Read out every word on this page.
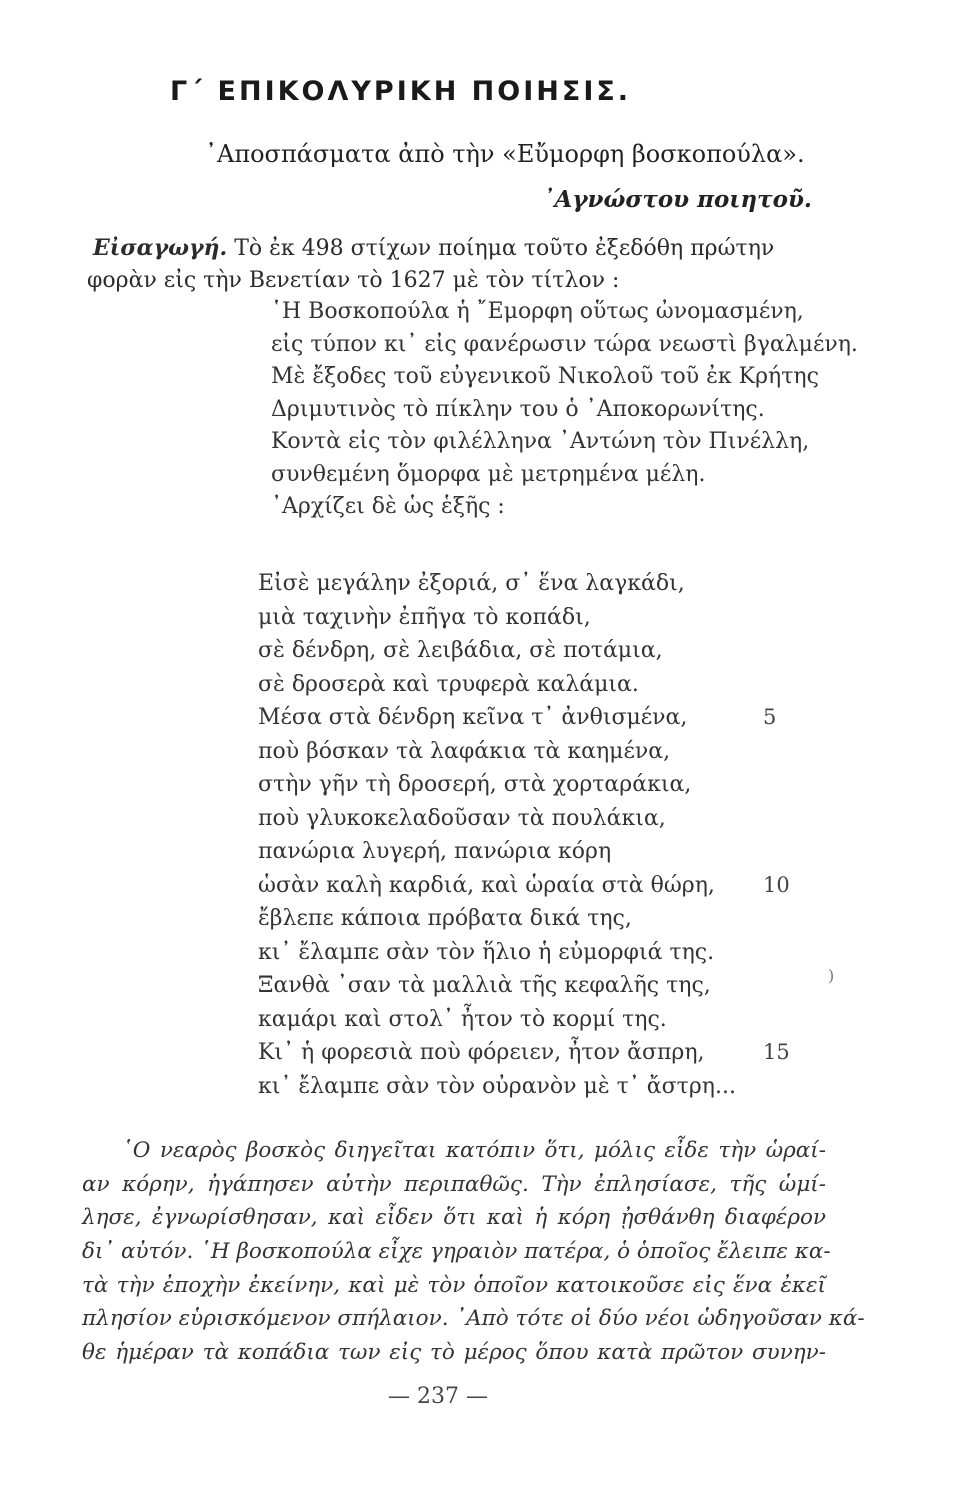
Γ΄ ΕΠΙΚΟΛΥΡΙΚΗ ΠΟΙΗΣΙΣ.
᾿Αποσπάσματα ἀπὸ τὴν «Εὔμορφη βοσκοπούλα».
᾿Αγνώστου ποιητοῦ.
Εἰσαγωγή. Τὸ ἐκ 498 στίχων ποίημα τοῦτο ἐξεδόθη πρώτην
φορὰν εἰς τὴν Βενετίαν τὸ 1627 μὲ τὸν τίτλον :
῾Η Βοσκοπούλα ἡ ῎Εμορφη οὕτως ὠνομασμένη,
εἰς τύπον κι᾿ εἰς φανέρωσιν τώρα νεωστὶ βγαλμένη.
Μὲ ἔξοδες τοῦ εὐγενικοῦ Νικολοῦ τοῦ ἐκ Κρήτης
Δριμυτινὸς τὸ πίκλην του ὁ ᾿Αποκορωνίτης.
Κοντὰ εἰς τὸν φιλέλληνα ᾿Αντώνη τὸν Πινέλλη,
συνθεμένη ὅμορφα μὲ μετρημένα μέλη.
᾿Αρχίζει δὲ ὡς ἑξῆς :
Εἰσὲ μεγάλην ἐξοριά, σ᾿ ἕνα λαγκάδι,
μιὰ ταχινὴν ἐπῆγα τὸ κοπάδι,
σὲ δένδρη, σὲ λειβάδια, σὲ ποτάμια,
σὲ δροσερὰ καὶ τρυφερὰ καλάμια.
Μέσα στὰ δένδρη κεῖνα τ᾿ ἀνθισμένα,	5
ποὺ βόσκαν τὰ λαφάκια τὰ καημένα,
στὴν γῆν τὴ δροσερή, στὰ χορταράκια,
ποὺ γλυκοκελαδοῦσαν τὰ πουλάκια,
πανώρια λυγερή, πανώρια κόρη
ὡσὰν καλὴ καρδιά, καὶ ὡραία στὰ θώρη, 10
ἔβλεπε κάποια πρόβατα δικά της,
κι᾿ ἔλαμπε σὰν τὸν ἥλιο ἡ εὐμορφιά της.
Ξανθὰ ᾿σαν τὰ μαλλιὰ τῆς κεφαλῆς της,
καμάρι καὶ στολ᾿ ἦτον τὸ κορμί της.
Κι᾿ ἡ φορεσιὰ ποὺ φόρειεν, ἦτον ἄσπρη,	15
κι᾿ ἔλαμπε σὰν τὸν οὐρανὸν μὲ τ᾿ ἄστρη...
)
῾Ο νεαρὸς βοσκὸς διηγεῖται κατόπιν ὅτι, μόλις εἶδε τὴν ὡραί-
αν κόρην, ἠγάπησεν αὐτὴν περιπαθῶς. Τὴν ἐπλησίασε, τῆς ὡμί-
λησε, ἐγνωρίσθησαν, καὶ εἶδεν ὅτι καὶ ἡ κόρη ᾐσθάνθη διαφέρον
δι᾿ αὐτόν. ῾Η βοσκοπούλα εἶχε γηραιὸν πατέρα, ὁ ὁποῖος ἔλειπε κα-
τὰ τὴν ἐποχὴν ἐκείνην, καὶ μὲ τὸν ὁποῖον κατοικοῦσε εἰς ἕνα ἐκεῖ
πλησίον εὑρισκόμενον σπήλαιον. ᾿Απὸ τότε οἱ δύο νέοι ὡδηγοῦσαν κά-
θε ἡμέραν τὰ κοπάδια των εἰς τὸ μέρος ὅπου κατὰ πρῶτον συνην-
— 237 —
